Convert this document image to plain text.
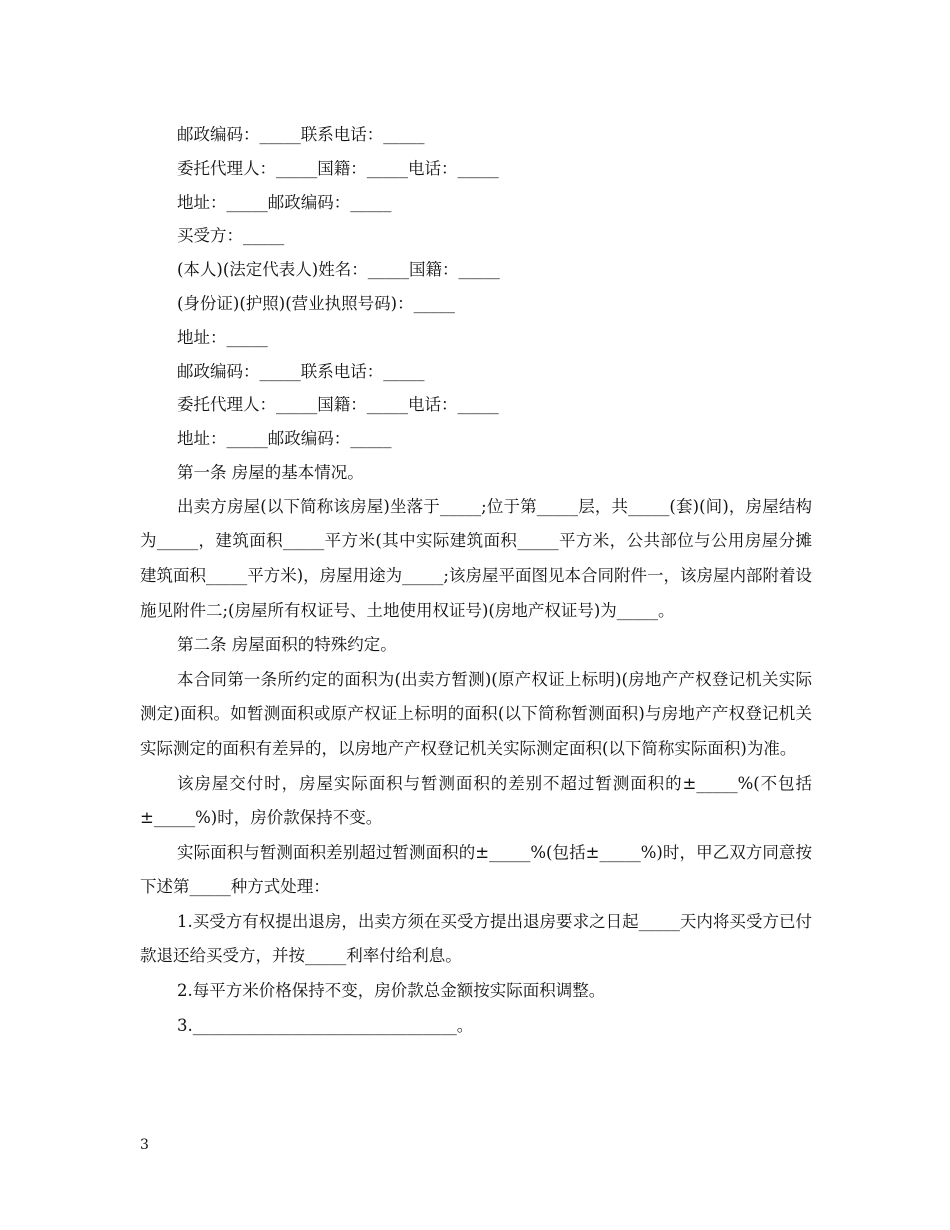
邮政编码：_____联系电话：_____
委托代理人：_____国籍：_____电话：_____
地址：_____邮政编码：_____
买受方：_____
(本人)(法定代表人)姓名：_____国籍：_____
(身份证)(护照)(营业执照号码)：_____
地址：_____
邮政编码：_____联系电话：_____
委托代理人：_____国籍：_____电话：_____
地址：_____邮政编码：_____
第一条 房屋的基本情况。

出卖方房屋(以下简称该房屋)坐落于_____;位于第_____层，共_____(套)(间)，房屋结构为_____，建筑面积_____平方米(其中实际建筑面积_____平方米，公共部位与公用房屋分摊建筑面积_____平方米)，房屋用途为_____;该房屋平面图见本合同附件一，该房屋内部附着设施见附件二;(房屋所有权证号、土地使用权证号)(房地产权证号)为_____。

第二条 房屋面积的特殊约定。

本合同第一条所约定的面积为(出卖方暂测)(原产权证上标明)(房地产产权登记机关实际测定)面积。如暂测面积或原产权证上标明的面积(以下简称暂测面积)与房地产产权登记机关实际测定的面积有差异的，以房地产产权登记机关实际测定面积(以下简称实际面积)为准。

该房屋交付时，房屋实际面积与暂测面积的差别不超过暂测面积的±_____%(不包括±_____%)时，房价款保持不变。

实际面积与暂测面积差别超过暂测面积的±_____%(包括±_____%)时，甲乙双方同意按下述第_____种方式处理：

1.买受方有权提出退房，出卖方须在买受方提出退房要求之日起_____天内将买受方已付款退还给买受方，并按_____利率付给利息。

2.每平方米价格保持不变，房价款总金额按实际面积调整。

3.________________________________。

3
